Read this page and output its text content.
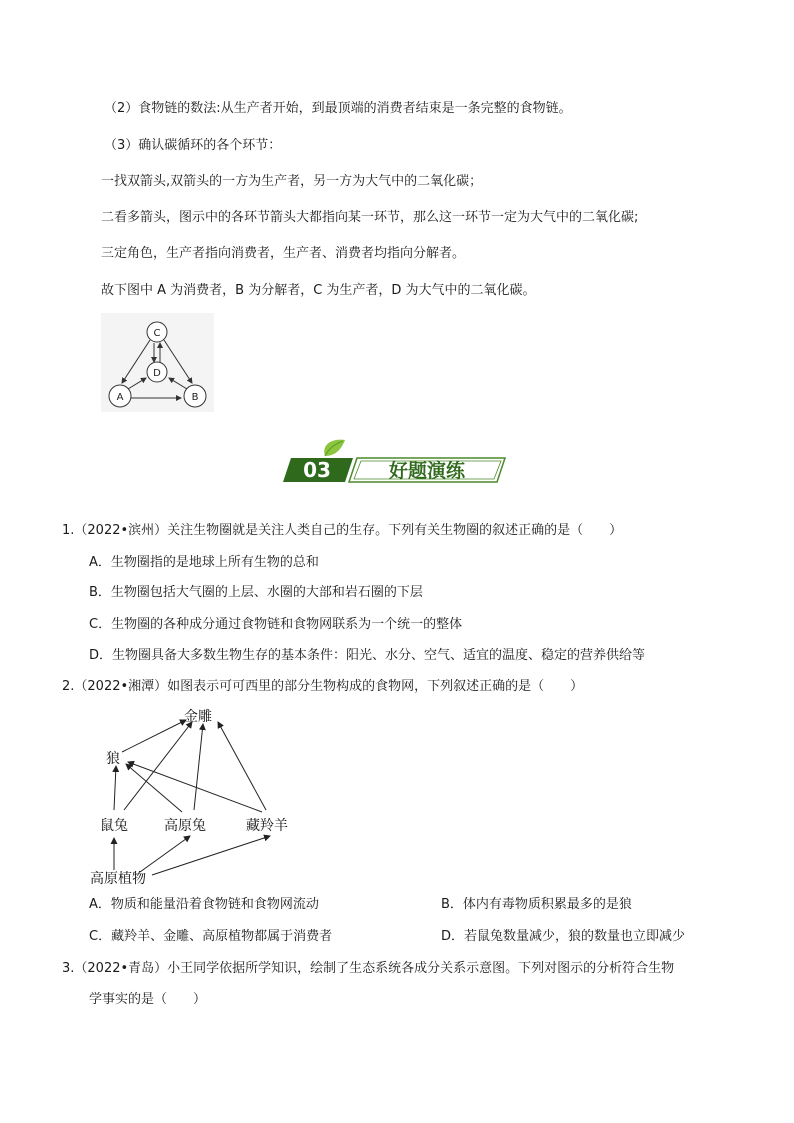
（2）食物链的数法:从生产者开始，到最顶端的消费者结束是一条完整的食物链。
（3）确认碳循环的各个环节：
一找双箭头,双箭头的一方为生产者，另一方为大气中的二氧化碳；
二看多箭头，图示中的各环节箭头大都指向某一环节，那么这一环节一定为大气中的二氧化碳;
三定角色，生产者指向消费者，生产者、消费者均指向分解者。
故下图中 A 为消费者，B 为分解者，C 为生产者，D 为大气中的二氧化碳。
C
D
A	B
03	好题演练
1.（2022•滨州）关注生物圈就是关注人类自己的生存。下列有关生物圈的叙述正确的是（　　）
A．生物圈指的是地球上所有生物的总和
B．生物圈包括大气圈的上层、水圈的大部和岩石圈的下层
C．生物圈的各种成分通过食物链和食物网联系为一个统一的整体
D．生物圈具备大多数生物生存的基本条件：阳光、水分、空气、适宜的温度、稳定的营养供给等
2.（2022•湘潭）如图表示可可西里的部分生物构成的食物网，下列叙述正确的是（　　）
金雕
狼
鼠兔	高原兔	藏羚羊
高原植物
A．物质和能量沿着食物链和食物网流动	B．体内有毒物质积累最多的是狼
C．藏羚羊、金雕、高原植物都属于消费者	D．若鼠兔数量减少，狼的数量也立即减少
3.（2022•青岛）小王同学依据所学知识，绘制了生态系统各成分关系示意图。下列对图示的分析符合生物
学事实的是（　　）
